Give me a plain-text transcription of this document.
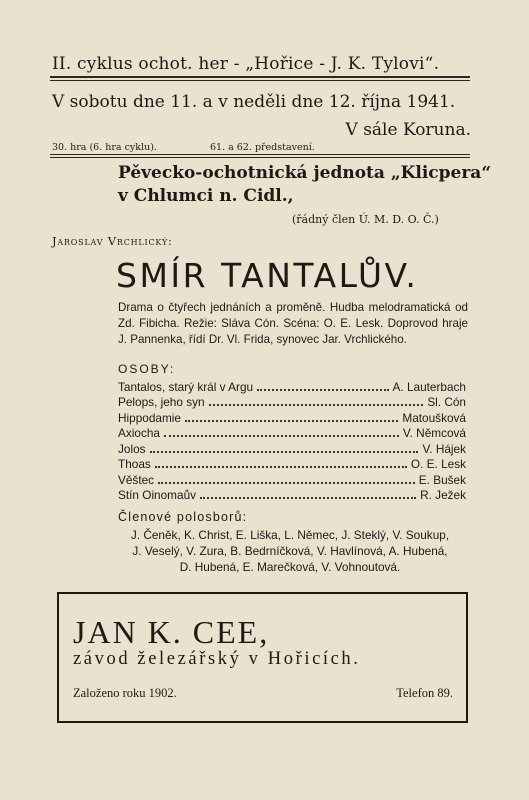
II. cyklus ochot. her - „Hořice - J. K. Tylovi“.
V sobotu dne 11. a v neděli dne 12. října 1941.
V sále Koruna.
30. hra (6. hra cyklu).	61. a 62. představení.
Pěvecko-ochotnická jednota „Klicpera“
v Chlumci n. Cidl.,
(řádný člen Ú. M. D. O. Č.)
Jaroslav Vrchlický:
SMÍR TANTALŮV.
Drama o čtyřech jednáních a proměně. Hudba melodramatická od Zd. Fibicha. Režie: Sláva Cón. Scéna: O. E. Lesk. Doprovod hraje J. Pannenka, řídí Dr. Vl. Frida, synovec Jar. Vrchlického.
OSOBY:
Tantalos, starý král v Argu	A. Lauterbach
Pelops, jeho syn	Sl. Cón
Hippodamie	Matoušková
Axiocha	V. Němcová
Jolos	V. Hájek
Thoas	O. E. Lesk
Věštec	E. Bušek
Stín Oinomaův	R. Ježek
Členové polosborů:
J. Čeněk, K. Christ, E. Liška, L. Němec, J. Steklý, V. Soukup,
J. Veselý, V. Zura, B. Bedrníčková, V. Havlínová, A. Hubená,
D. Hubená, E. Marečková, V. Vohnoutová.
JAN K. CEE,
závod železářský v Hořicích.
Založeno roku 1902.	Telefon 89.
